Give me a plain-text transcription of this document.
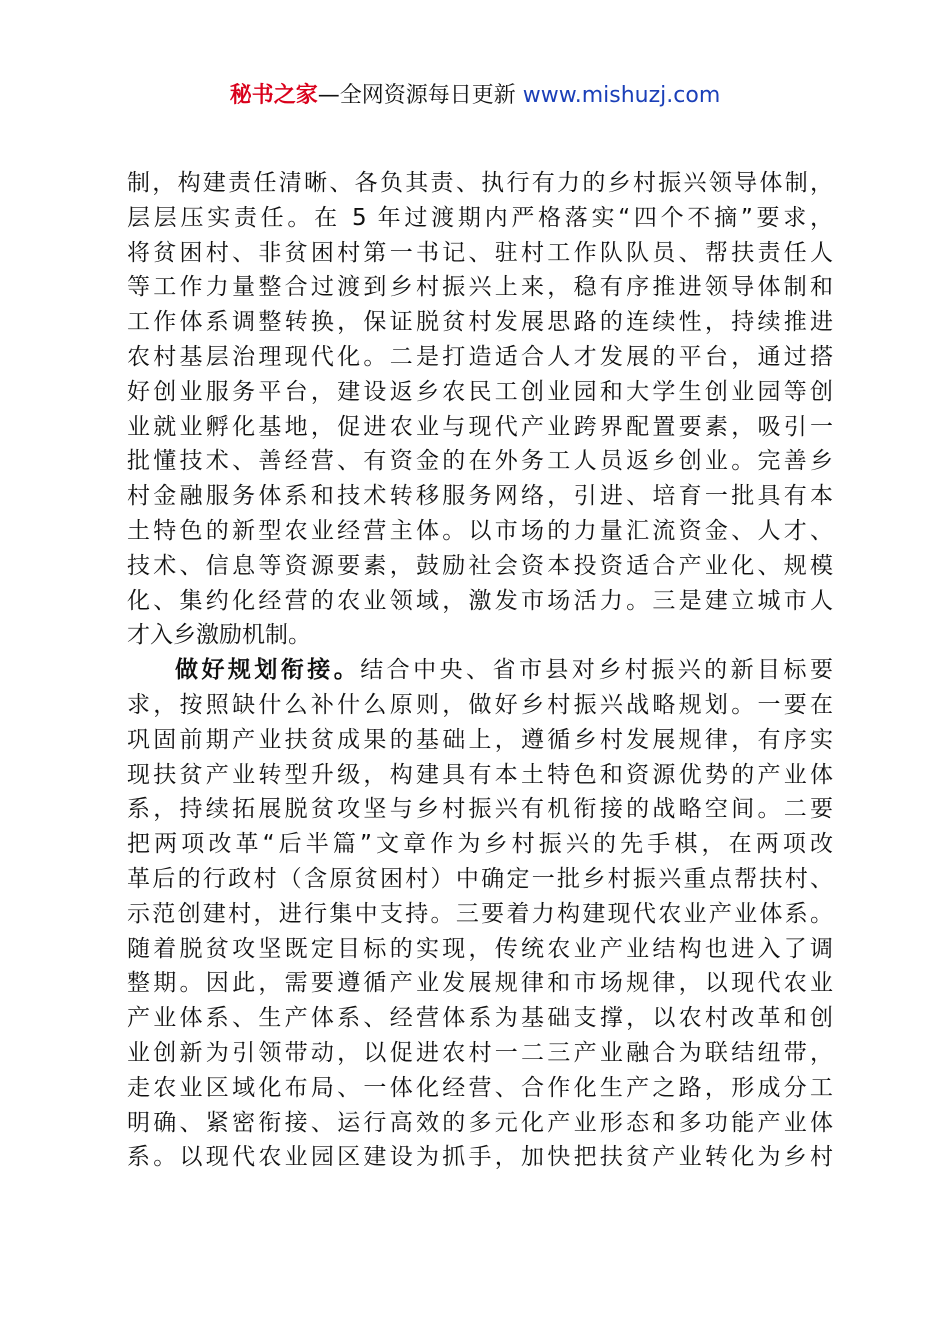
秘书之家—全网资源每日更新 www.mishuzj.com
制，构建责任清晰、各负其责、执行有力的乡村振兴领导体制，
层层压实责任。在 5 年过渡期内严格落实“四个不摘”要求，
将贫困村、非贫困村第一书记、驻村工作队队员、帮扶责任人
等工作力量整合过渡到乡村振兴上来，稳有序推进领导体制和
工作体系调整转换，保证脱贫村发展思路的连续性，持续推进
农村基层治理现代化。二是打造适合人才发展的平台，通过搭
好创业服务平台，建设返乡农民工创业园和大学生创业园等创
业就业孵化基地，促进农业与现代产业跨界配置要素，吸引一
批懂技术、善经营、有资金的在外务工人员返乡创业。完善乡
村金融服务体系和技术转移服务网络，引进、培育一批具有本
土特色的新型农业经营主体。以市场的力量汇流资金、人才、
技术、信息等资源要素，鼓励社会资本投资适合产业化、规模
化、集约化经营的农业领域，激发市场活力。三是建立城市人
才入乡激励机制。
做好规划衔接。结合中央、省市县对乡村振兴的新目标要
求，按照缺什么补什么原则，做好乡村振兴战略规划。一要在
巩固前期产业扶贫成果的基础上，遵循乡村发展规律，有序实
现扶贫产业转型升级，构建具有本土特色和资源优势的产业体
系，持续拓展脱贫攻坚与乡村振兴有机衔接的战略空间。二要
把两项改革“后半篇”文章作为乡村振兴的先手棋，在两项改
革后的行政村（含原贫困村）中确定一批乡村振兴重点帮扶村、
示范创建村，进行集中支持。三要着力构建现代农业产业体系。
随着脱贫攻坚既定目标的实现，传统农业产业结构也进入了调
整期。因此，需要遵循产业发展规律和市场规律，以现代农业
产业体系、生产体系、经营体系为基础支撑，以农村改革和创
业创新为引领带动，以促进农村一二三产业融合为联结纽带，
走农业区域化布局、一体化经营、合作化生产之路，形成分工
明确、紧密衔接、运行高效的多元化产业形态和多功能产业体
系。以现代农业园区建设为抓手，加快把扶贫产业转化为乡村
